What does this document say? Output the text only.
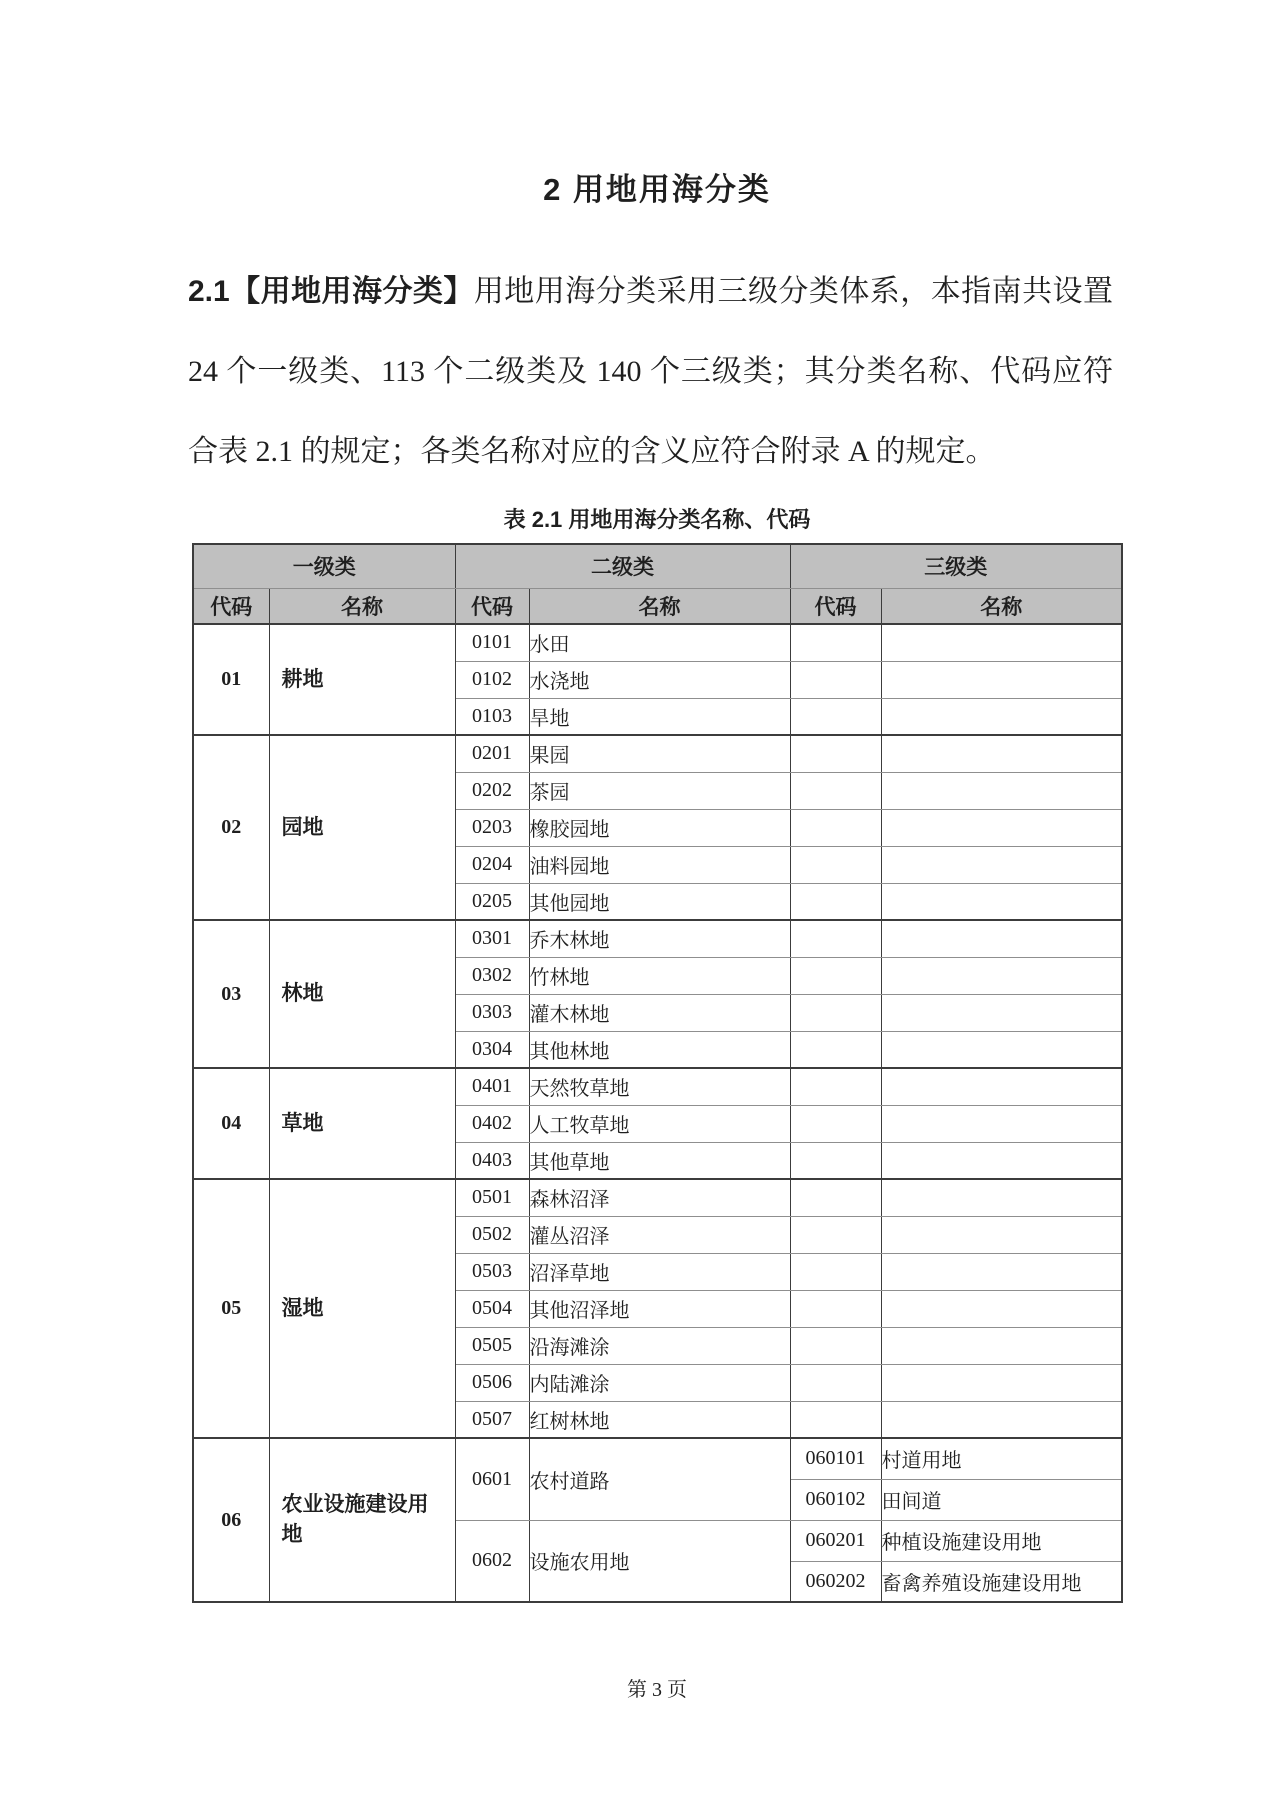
2 用地用海分类
2.1【用地用海分类】用地用海分类采用三级分类体系，本指南共设置 24 个一级类、113 个二级类及 140 个三级类；其分类名称、代码应符合表 2.1 的规定；各类名称对应的含义应符合附录 A 的规定。
表 2.1 用地用海分类名称、代码
一级类		二级类		三级类	
代码	名称	代码	名称	代码	名称
01	耕地	0101	水田		
		0102	水浇地		
		0103	旱地		
02	园地	0201	果园		
		0202	茶园		
		0203	橡胶园地		
		0204	油料园地		
		0205	其他园地		
03	林地	0301	乔木林地		
		0302	竹林地		
		0303	灌木林地		
		0304	其他林地		
04	草地	0401	天然牧草地		
		0402	人工牧草地		
		0403	其他草地		
05	湿地	0501	森林沼泽		
		0502	灌丛沼泽		
		0503	沼泽草地		
		0504	其他沼泽地		
		0505	沿海滩涂		
		0506	内陆滩涂		
		0507	红树林地		
06	农业设施建设用地	0601	农村道路	060101	村道用地
				060102	田间道
		0602	设施农用地	060201	种植设施建设用地
				060202	畜禽养殖设施建设用地
第 3 页
